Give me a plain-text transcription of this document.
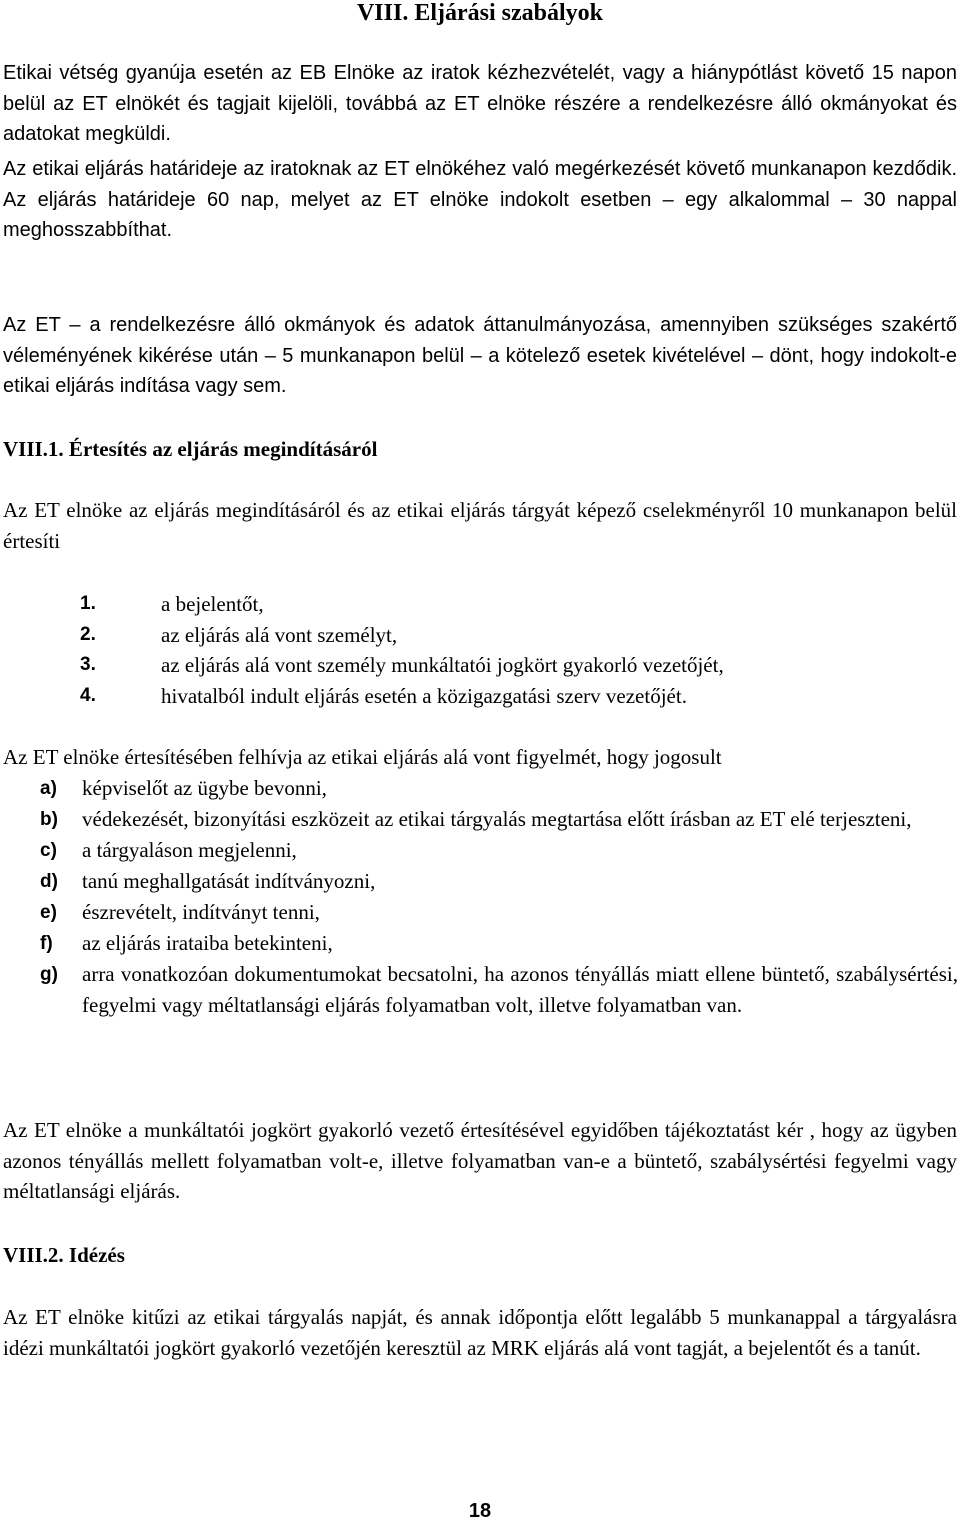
VIII. Eljárási szabályok

Etikai vétség gyanúja esetén az EB Elnöke az iratok kézhezvételét, vagy a hiánypótlást követő 15 napon belül az ET elnökét és tagjait kijelöli, továbbá az ET elnöke részére a rendelkezésre álló okmányokat és adatokat megküldi.

Az etikai eljárás határideje az iratoknak az ET elnökéhez való megérkezését követő munkanapon kezdődik. Az eljárás határideje 60 nap, melyet az ET elnöke indokolt esetben – egy alkalommal – 30 nappal meghosszabbíthat.

Az ET – a rendelkezésre álló okmányok és adatok áttanulmányozása, amennyiben szükséges szakértő véleményének kikérése után – 5 munkanapon belül – a kötelező esetek kivételével – dönt, hogy indokolt-e etikai eljárás indítása vagy sem.

VIII.1. Értesítés az eljárás megindításáról

Az ET elnöke az eljárás megindításáról és az etikai eljárás tárgyát képező cselekményről 10 munkanapon belül értesíti

1.	a bejelentőt,
2.	az eljárás alá vont személyt,
3.	az eljárás alá vont személy munkáltatói jogkört gyakorló vezetőjét,
4.	hivatalból indult eljárás esetén a közigazgatási szerv vezetőjét.

Az ET elnöke értesítésében felhívja az etikai eljárás alá vont figyelmét, hogy jogosult

a)	képviselőt az ügybe bevonni,
b)	védekezését, bizonyítási eszközeit az etikai tárgyalás megtartása előtt írásban az ET elé terjeszteni,
c)	a tárgyaláson megjelenni,
d)	tanú meghallgatását indítványozni,
e)	észrevételt, indítványt tenni,
f)	az eljárás irataiba betekinteni,
g)	arra vonatkozóan dokumentumokat becsatolni, ha azonos tényállás miatt ellene büntető, szabálysértési, fegyelmi vagy méltatlansági eljárás folyamatban volt, illetve folyamatban van.

Az ET elnöke a munkáltatói jogkört gyakorló vezető értesítésével egyidőben tájékoztatást kér , hogy az ügyben azonos tényállás mellett folyamatban volt-e, illetve folyamatban van-e a büntető, szabálysértési fegyelmi vagy méltatlansági eljárás.

VIII.2. Idézés

Az ET elnöke kitűzi az etikai tárgyalás napját, és annak időpontja előtt legalább 5 munkanappal a tárgyalásra idézi munkáltatói jogkört gyakorló vezetőjén keresztül az MRK eljárás alá vont tagját, a bejelentőt és a tanút.

18
